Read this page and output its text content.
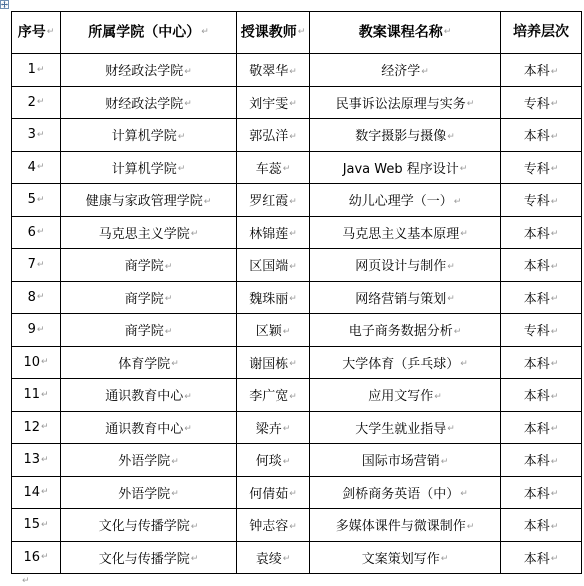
序号↵	所属学院（中心）↵	授课教师↵	教案课程名称↵	培养层次
1↵	财经政法学院↵	敬翠华↵	经济学↵	本科↵
2↵	财经政法学院↵	刘宇雯↵	民事诉讼法原理与实务↵	专科↵
3↵	计算机学院↵	郭弘洋↵	数字摄影与摄像↵	本科↵
4↵	计算机学院↵	车蕊↵	Java Web 程序设计↵	专科↵
5↵	健康与家政管理学院↵	罗红霞↵	幼儿心理学（一）↵	专科↵
6↵	马克思主义学院↵	林锦莲↵	马克思主义基本原理↵	本科↵
7↵	商学院↵	区国端↵	网页设计与制作↵	本科↵
8↵	商学院↵	魏珠丽↵	网络营销与策划↵	本科↵
9↵	商学院↵	区颖↵	电子商务数据分析↵	专科↵
10↵	体育学院↵	谢国栋↵	大学体育（乒乓球）↵	本科↵
11↵	通识教育中心↵	李广宽↵	应用文写作↵	本科↵
12↵	通识教育中心↵	梁卉↵	大学生就业指导↵	本科↵
13↵	外语学院↵	何琰↵	国际市场营销↵	本科↵
14↵	外语学院↵	何倩茹↵	剑桥商务英语（中）↵	本科↵
15↵	文化与传播学院↵	钟志容↵	多媒体课件与微课制作↵	本科↵
16↵	文化与传播学院↵	袁绫↵	文案策划写作↵	本科↵
↵
